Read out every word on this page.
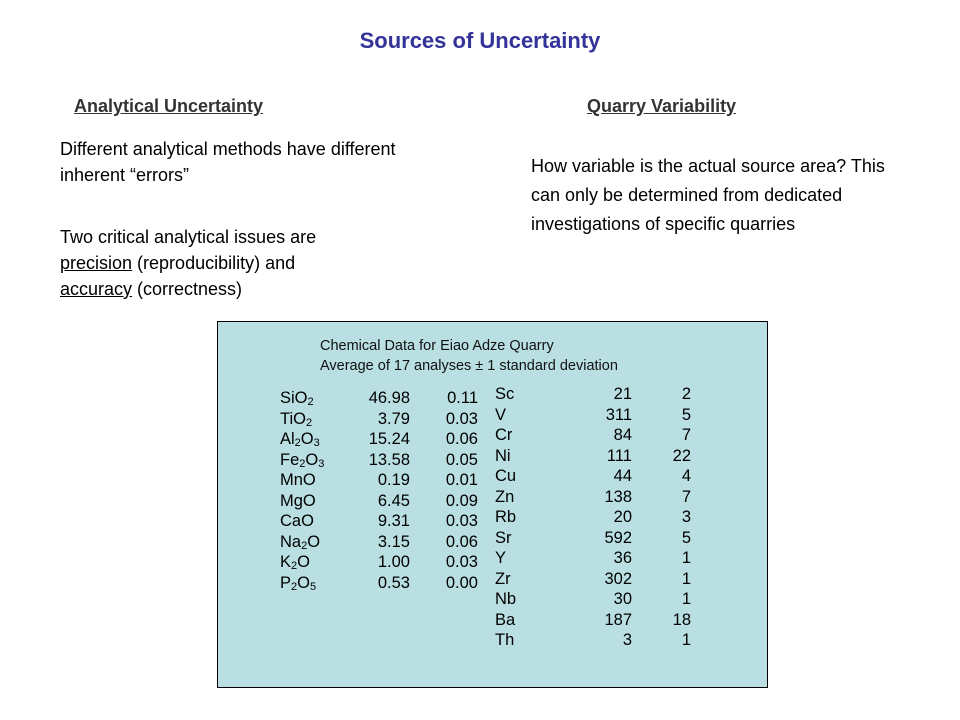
Sources of Uncertainty
Analytical Uncertainty	Quarry Variability
Different analytical methods have different inherent “errors”
Two critical analytical issues are
precision (reproducibility) and
accuracy (correctness)
How variable is the actual source area? This can only be determined from dedicated investigations of specific quarries
Chemical Data for Eiao Adze Quarry
Average of 17 analyses ± 1 standard deviation
SiO$_2$	46.98	0.11
TiO$_2$	3.79	0.03
$Al_2O_3$	15.24	0.06
$Fe_2O_3$	13.58	0.05
MnO	0.19	0.01
MgO	6.45	0.09
CaO	9.31	0.03
$Na_2O$	3.15	0.06
$K_2O$	1.00	0.03
$P_2O_5$	0.53	0.00
Sc	21	2
V	311	5
Cr	84	7
Ni	111	22
Cu	44	4
Zn	138	7
Rb	20	3
Sr	592	5
Y	36	1
Zr	302	1
Nb	30	1
Ba	187	18
Th	3	1
